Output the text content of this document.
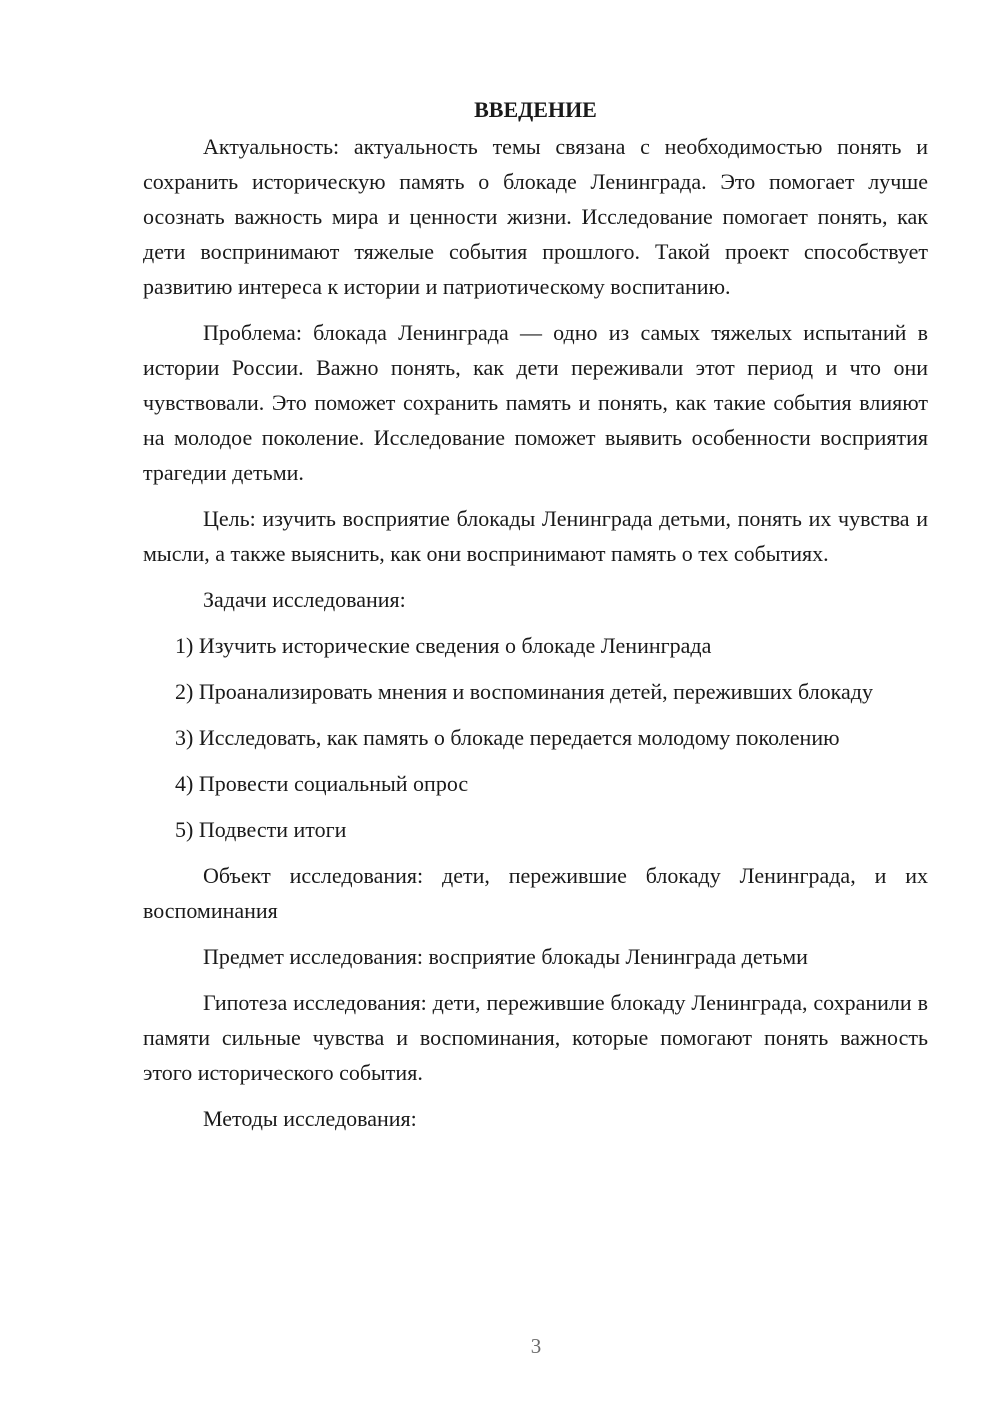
ВВЕДЕНИЕ

Актуальность: актуальность темы связана с необходимостью понять и сохранить историческую память о блокаде Ленинграда. Это помогает лучше осознать важность мира и ценности жизни. Исследование помогает понять, как дети воспринимают тяжелые события прошлого. Такой проект способствует развитию интереса к истории и патриотическому воспитанию.

Проблема: блокада Ленинграда — одно из самых тяжелых испытаний в истории России. Важно понять, как дети переживали этот период и что они чувствовали. Это поможет сохранить память и понять, как такие события влияют на молодое поколение. Исследование поможет выявить особенности восприятия трагедии детьми.

Цель: изучить восприятие блокады Ленинграда детьми, понять их чувства и мысли, а также выяснить, как они воспринимают память о тех событиях.

Задачи исследования:

1) Изучить исторические сведения о блокаде Ленинграда

2) Проанализировать мнения и воспоминания детей, переживших блокаду

3) Исследовать, как память о блокаде передается молодому поколению

4) Провести социальный опрос

5) Подвести итоги

Объект исследования: дети, пережившие блокаду Ленинграда, и их воспоминания

Предмет исследования: восприятие блокады Ленинграда детьми

Гипотеза исследования: дети, пережившие блокаду Ленинграда, сохранили в памяти сильные чувства и воспоминания, которые помогают понять важность этого исторического события.

Методы исследования:

3
